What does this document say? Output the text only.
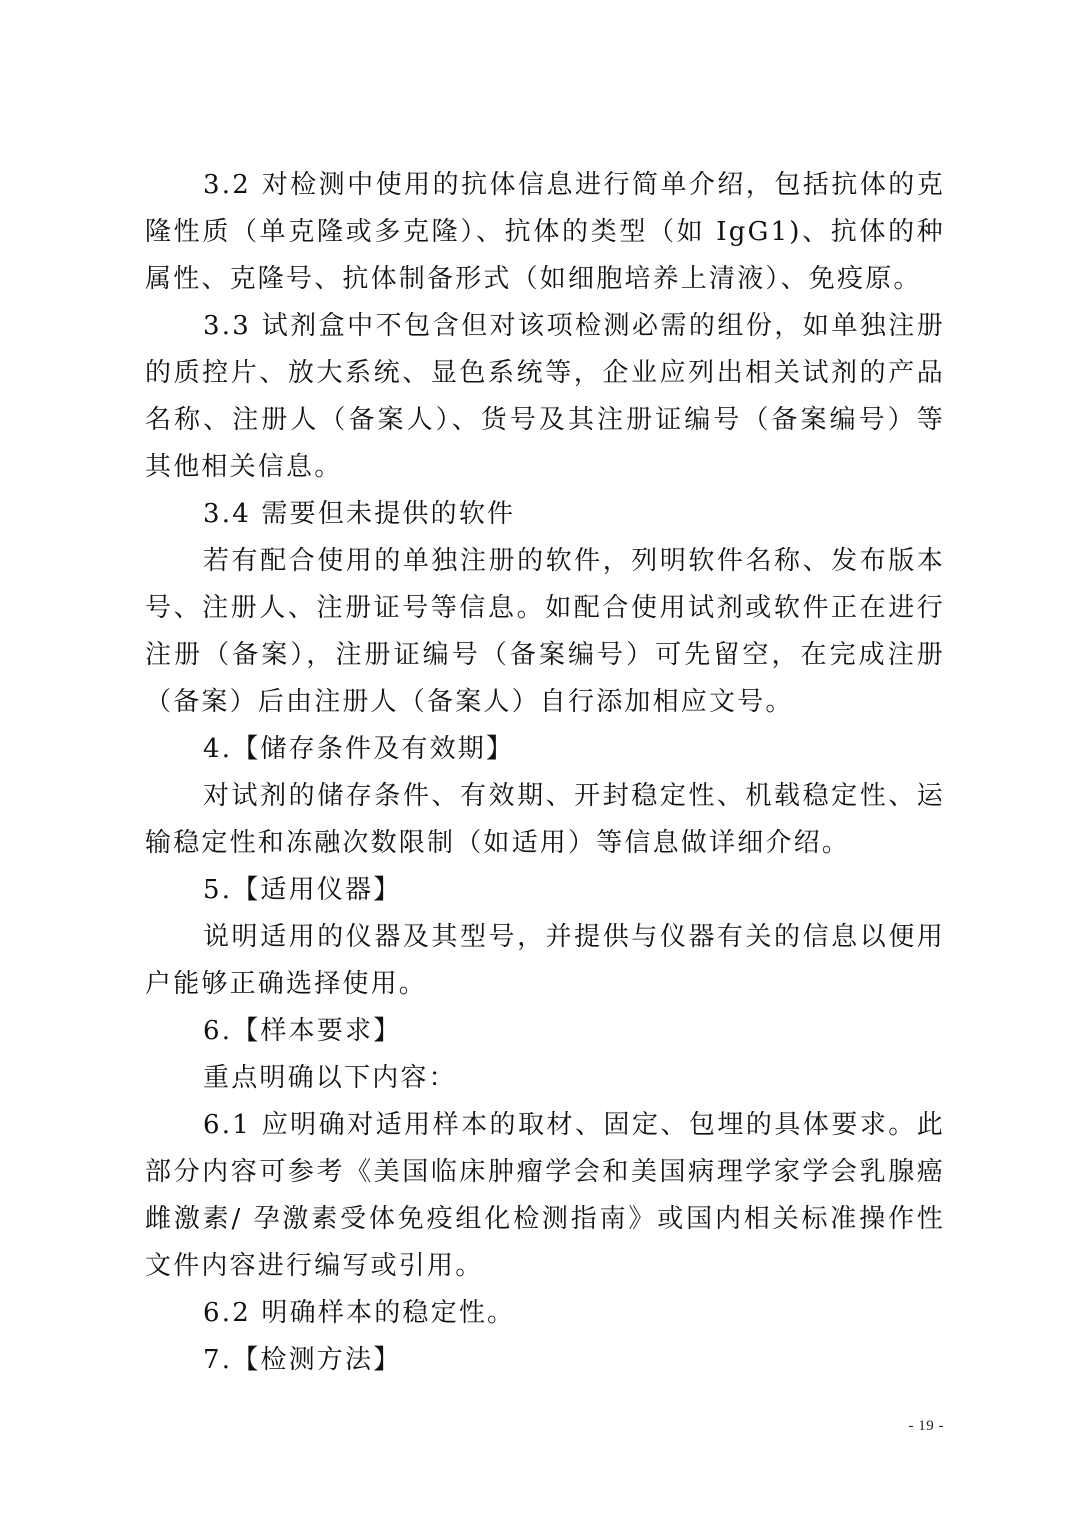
3.2 对检测中使用的抗体信息进行简单介绍，包括抗体的克隆性质（单克隆或多克隆）、抗体的类型（如 IgG1)、抗体的种属性、克隆号、抗体制备形式（如细胞培养上清液）、免疫原。

3.3 试剂盒中不包含但对该项检测必需的组份，如单独注册的质控片、放大系统、显色系统等，企业应列出相关试剂的产品名称、注册人（备案人）、货号及其注册证编号（备案编号）等其他相关信息。

3.4 需要但未提供的软件

若有配合使用的单独注册的软件，列明软件名称、发布版本号、注册人、注册证号等信息。如配合使用试剂或软件正在进行注册（备案），注册证编号（备案编号）可先留空，在完成注册（备案）后由注册人（备案人）自行添加相应文号。

4.【储存条件及有效期】

对试剂的储存条件、有效期、开封稳定性、机载稳定性、运输稳定性和冻融次数限制（如适用）等信息做详细介绍。

5.【适用仪器】

说明适用的仪器及其型号，并提供与仪器有关的信息以便用户能够正确选择使用。

6.【样本要求】

重点明确以下内容：

6.1 应明确对适用样本的取材、固定、包埋的具体要求。此部分内容可参考《美国临床肿瘤学会和美国病理学家学会乳腺癌雌激素/ 孕激素受体免疫组化检测指南》或国内相关标准操作性文件内容进行编写或引用。

6.2 明确样本的稳定性。

7.【检测方法】

- 19 -
